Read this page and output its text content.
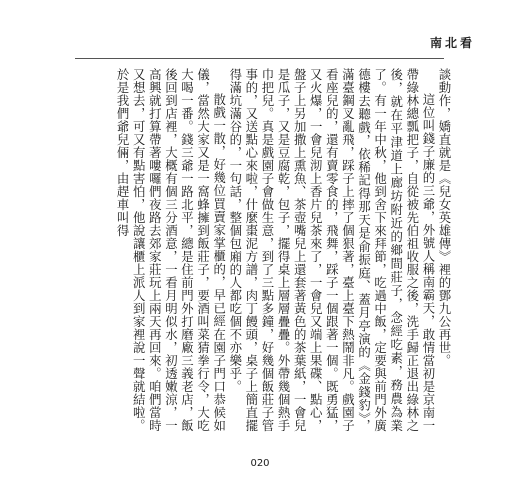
南北看

談動作，嬌直就是《兒女英雄傳》裡的鄧九公再世。

這位叫錢子廉的三爺，外號人稱南霸天，敢情當初是京南一帶綠林總瓢把子，自從被先伯祖收服之後，洗手歸正退出綠林之後，就在平津道上廊坊附近的鄉間莊子，念經吃素，務農為業了。有一年中秋，他到舍下來拜節，吃過中飯，定要與前門外廣德樓去聽戲，依稀記得那天是俞振庭、蓋月亭演的《金錢豹》，滿臺鋼叉亂飛，踩子上摔了個狠著，臺上臺下熱鬧非凡。戲園子看座兒的，還有賣零食的，飛舞，踩子一個跟著一個。既勇猛，又火爆，一會兒沏上香片兒茶來了，一會兒又端上果碟、點心，盤子上另加撒上熏魚、茶壺嘴兒上還套著黃色的茶葉紙，一會兒是瓜子，又是豆腐乾，包子，擺得桌上層層疊疊。外帶幾個熱手巾把兒。真是戲園子會做生意，到了三點多鐘，好幾個飯莊子管事的，又送點心來啦，什麼棗泥方譜，肉丁饅頭，桌子上簡直擺得滿坑滿谷的，一句話，整個包廂的人都吃個不亦樂乎。

散戲一散，好幾位買賣家掌櫃的，早已經在園子門口恭候如儀，當然大家又是一窩蜂擁到飯莊子，要酒叫菜猜拳行令，大吃大喝一番。錢三爺一路北平，總是住前門外打磨廠三義老店，飯後回到店裡，大概有個三分酒意，一看月明似水，初透嫩涼，一高興就打算帶著嘍囉們夜路去郊家莊玩上兩天再回來。咱們當時又想去，可又有點害怕，他說讓櫃上派人到家裡說一聲就結啦。於是我們爺兒倆，由趕車叫得

020
